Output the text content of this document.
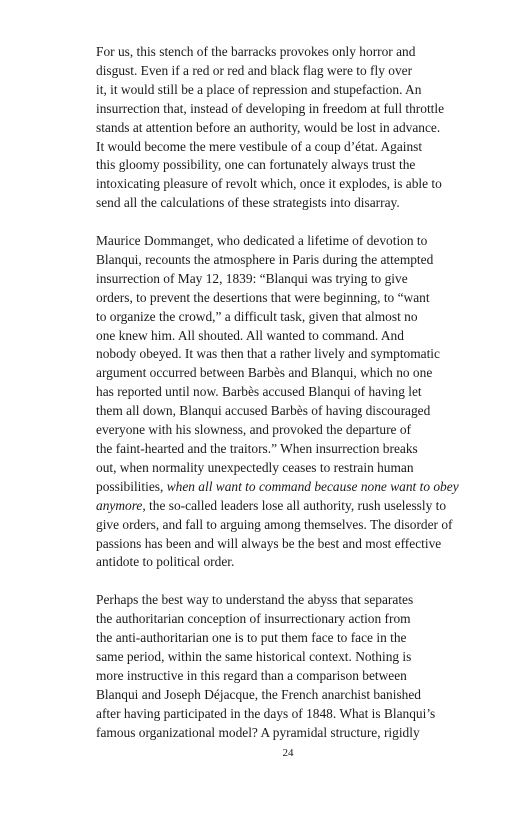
For us, this stench of the barracks provokes only horror and
disgust. Even if a red or red and black flag were to fly over
it, it would still be a place of repression and stupefaction. An
insurrection that, instead of developing in freedom at full throttle
stands at attention before an authority, would be lost in advance.
It would become the mere vestibule of a coup d’état. Against
this gloomy possibility, one can fortunately always trust the
intoxicating pleasure of revolt which, once it explodes, is able to
send all the calculations of these strategists into disarray.

Maurice Dommanget, who dedicated a lifetime of devotion to
Blanqui, recounts the atmosphere in Paris during the attempted
insurrection of May 12, 1839: “Blanqui was trying to give
orders, to prevent the desertions that were beginning, to “want
to organize the crowd,” a difficult task, given that almost no
one knew him. All shouted. All wanted to command. And
nobody obeyed. It was then that a rather lively and symptomatic
argument occurred between Barbès and Blanqui, which no one
has reported until now. Barbès accused Blanqui of having let
them all down, Blanqui accused Barbès of having discouraged
everyone with his slowness, and provoked the departure of
the faint-hearted and the traitors.” When insurrection breaks
out, when normality unexpectedly ceases to restrain human
possibilities, when all want to command because none want to obey
anymore, the so-called leaders lose all authority, rush uselessly to
give orders, and fall to arguing among themselves. The disorder of
passions has been and will always be the best and most effective
antidote to political order.

Perhaps the best way to understand the abyss that separates
the authoritarian conception of insurrectionary action from
the anti-authoritarian one is to put them face to face in the
same period, within the same historical context. Nothing is
more instructive in this regard than a comparison between
Blanqui and Joseph Déjacque, the French anarchist banished
after having participated in the days of 1848. What is Blanqui’s
famous organizational model? A pyramidal structure, rigidly

24
